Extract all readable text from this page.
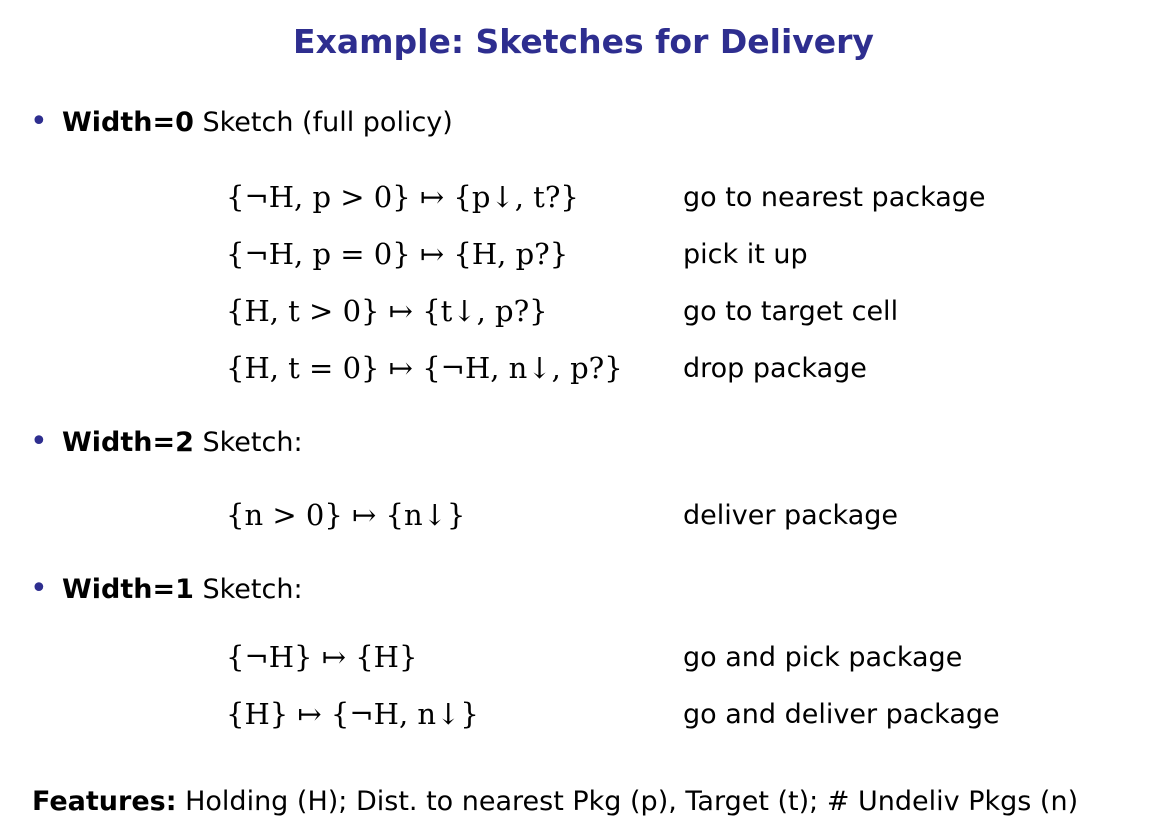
Example: Sketches for Delivery
• Width=0 Sketch (full policy)
{¬H, p > 0} ↦ {p↓, t?}	go to nearest package
{¬H, p = 0} ↦ {H, p?}	pick it up
{H, t > 0} ↦ {t↓, p?}	go to target cell
{H, t = 0} ↦ {¬H, n↓, p?} drop package
• Width=2 Sketch:
{n > 0} ↦ {n↓}	deliver package
• Width=1 Sketch:
{¬H} ↦ {H}	go and pick package
{H} ↦ {¬H, n↓}	go and deliver package
Features: Holding (H); Dist. to nearest Pkg (p), Target (t); # Undeliv Pkgs (n)
